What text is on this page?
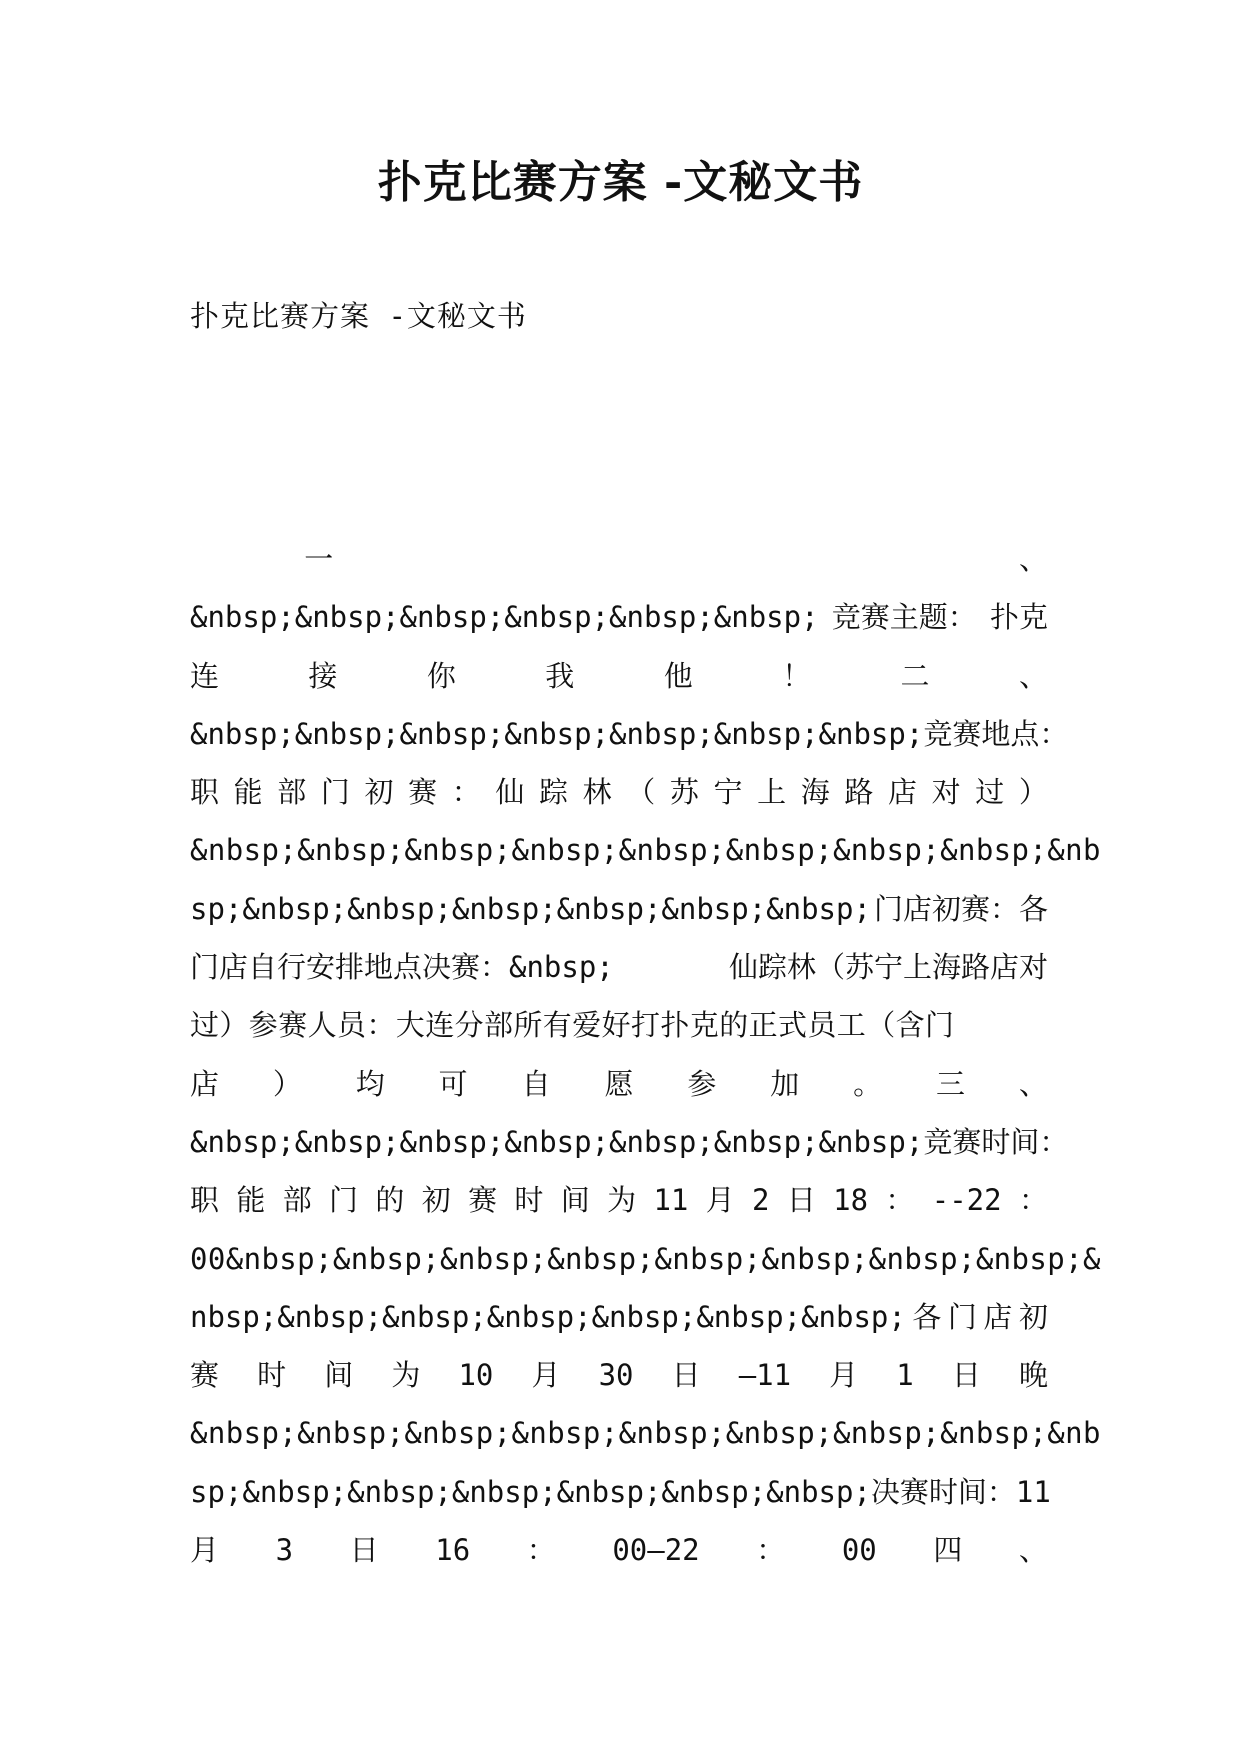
扑克比赛方案 -文秘文书

扑克比赛方案 -文秘文书

一	、
&nbsp;&nbsp;&nbsp;&nbsp;&nbsp;&nbsp; 竞赛主题： 扑克
连	接	你	我	他	！	二	、
&nbsp;&nbsp;&nbsp;&nbsp;&nbsp;&nbsp;&nbsp; 竞赛地点：
职 能 部 门 初 赛 ： 仙 踪 林 （ 苏 宁 上 海 路 店 对 过 ）
&nbsp;&nbsp;&nbsp;&nbsp;&nbsp;&nbsp;&nbsp;&nbsp;&nb
sp;&nbsp;&nbsp;&nbsp;&nbsp;&nbsp;&nbsp; 门店初赛：各
门店自行安排地点决赛：&nbsp;	仙踪林（苏宁上海路店对
过）参赛人员：大连分部所有爱好打扑克的正式员工（含门
店 ） 均 可 自 愿 参 加 。 三 、
&nbsp;&nbsp;&nbsp;&nbsp;&nbsp;&nbsp;&nbsp; 竞赛时间：
职 能 部 门 的 初 赛 时 间 为 11 月 2 日 18 ： --22 ：
00&nbsp;&nbsp;&nbsp;&nbsp;&nbsp;&nbsp;&nbsp;&nbsp;&
nbsp;&nbsp;&nbsp;&nbsp;&nbsp;&nbsp;&nbsp; 各 门 店 初
赛 时 间 为 10 月 30 日 —11 月 1 日 晚
&nbsp;&nbsp;&nbsp;&nbsp;&nbsp;&nbsp;&nbsp;&nbsp;&nb
sp;&nbsp;&nbsp;&nbsp;&nbsp;&nbsp;&nbsp; 决赛时间：11
月 3 日 16 ： 00—22 ： 00 四 、
